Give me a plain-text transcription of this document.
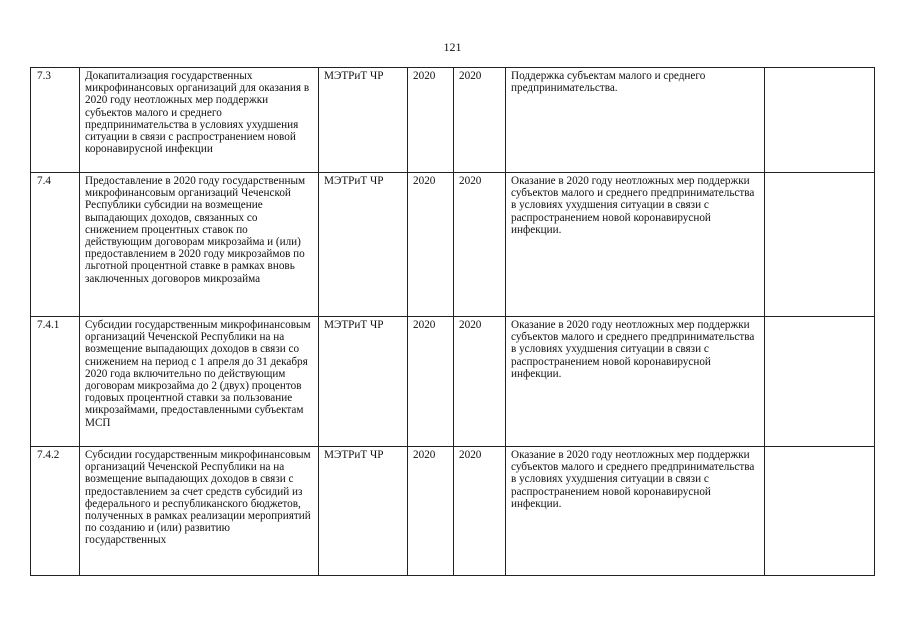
121
7.3	Докапитализация государственных микрофинансовых организаций для оказания в 2020 году неотложных мер поддержки субъектов малого и среднего предпринимательства в условиях ухудшения ситуации в связи с распространением новой коронавирусной инфекции	МЭТРиТ ЧР	2020	2020	Поддержка субъектам малого и среднего предпринимательства.	
7.4	Предоставление в 2020 году государственным микрофинансовым организаций Чеченской Республики субсидии на возмещение выпадающих доходов, связанных со снижением процентных ставок по действующим договорам микрозайма и (или) предоставлением в 2020 году микрозаймов по льготной процентной ставке в рамках вновь заключенных договоров микрозайма	МЭТРиТ ЧР	2020	2020	Оказание в 2020 году неотложных мер поддержки субъектов малого и среднего предпринимательства в условиях ухудшения ситуации в связи с распространением новой коронавирусной инфекции.	
7.4.1	Субсидии государственным микрофинансовым организаций Чеченской Республики на на возмещение выпадающих доходов в связи со снижением на период с 1 апреля до 31 декабря 2020 года включительно по действующим договорам микрозайма до 2 (двух) процентов годовых процентной ставки за пользование микрозаймами, предоставленными субъектам МСП	МЭТРиТ ЧР	2020	2020	Оказание в 2020 году неотложных мер поддержки субъектов малого и среднего предпринимательства в условиях ухудшения ситуации в связи с распространением новой коронавирусной инфекции.	
7.4.2	Субсидии государственным микрофинансовым организаций Чеченской Республики на на возмещение выпадающих доходов в связи с предоставлением за счет средств субсидий из федерального и республиканского бюджетов, полученных в рамках реализации мероприятий по созданию и (или) развитию государственных	МЭТРиТ ЧР	2020	2020	Оказание в 2020 году неотложных мер поддержки субъектов малого и среднего предпринимательства в условиях ухудшения ситуации в связи с распространением новой коронавирусной инфекции.	
